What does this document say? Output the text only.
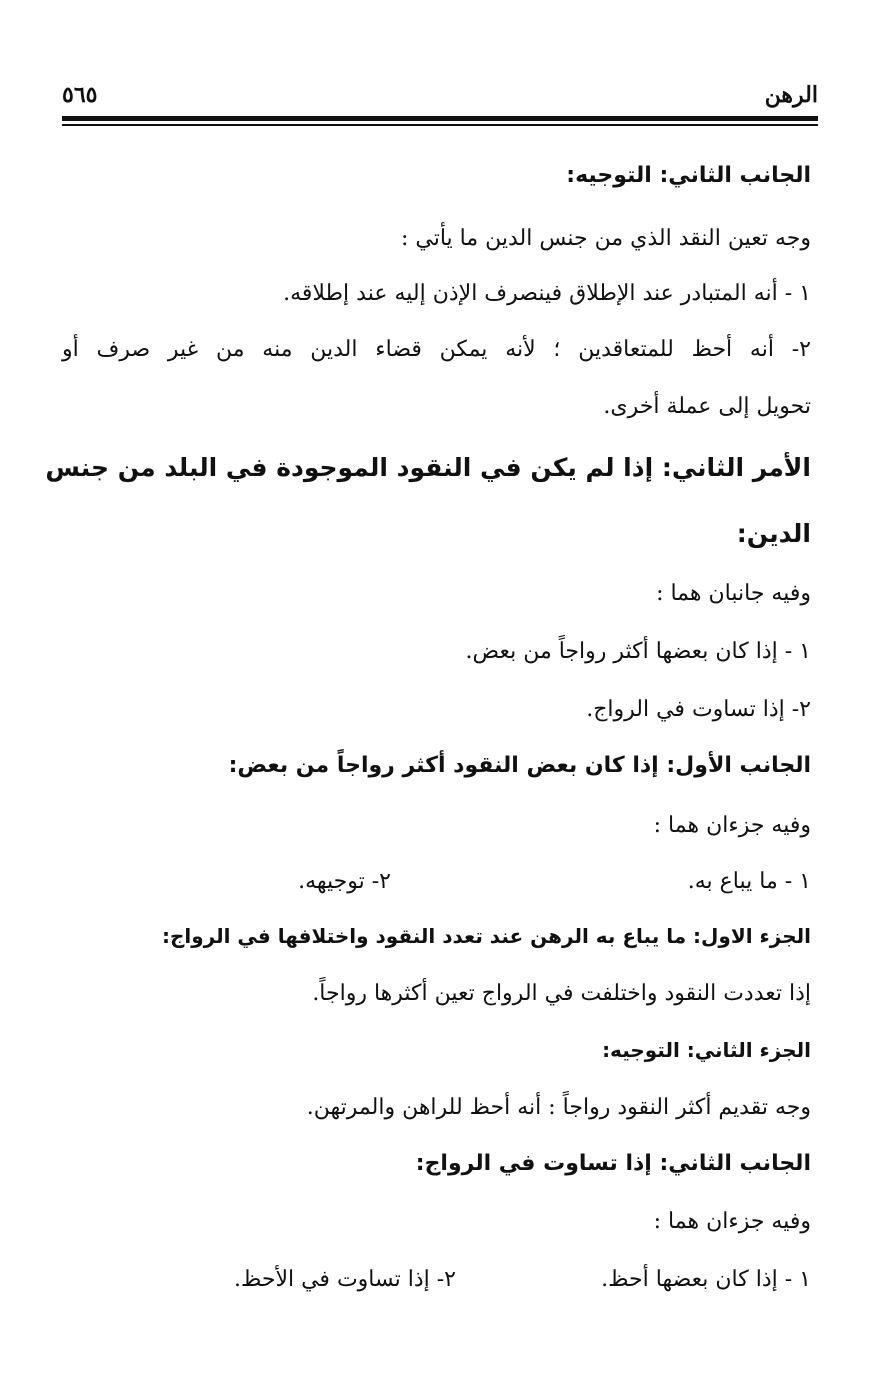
الرهن
٥٦٥
الجانب الثاني: التوجيه:
وجه تعين النقد الذي من جنس الدين ما يأتي :
١ - أنه المتبادر عند الإطلاق فينصرف الإذن إليه عند إطلاقه.
٢- أنه أحظ للمتعاقدين ؛ لأنه يمكن قضاء الدين منه من غير صرف أو
تحويل إلى عملة أخرى.
الأمر الثاني: إذا لم يكن في النقود الموجودة في البلد من جنس
الدين:
وفيه جانبان هما :
١ - إذا كان بعضها أكثر رواجاً من بعض.
٢- إذا تساوت في الرواج.
الجانب الأول: إذا كان بعض النقود أكثر رواجاً من بعض:
وفيه جزءان هما :
١ - ما يباع به.
٢- توجيهه.
الجزء الاول: ما يباع به الرهن عند تعدد النقود واختلافها في الرواج:
إذا تعددت النقود واختلفت في الرواج تعين أكثرها رواجاً.
الجزء الثاني: التوجيه:
وجه تقديم أكثر النقود رواجاً : أنه أحظ للراهن والمرتهن.
الجانب الثاني: إذا تساوت في الرواج:
وفيه جزءان هما :
١ - إذا كان بعضها أحظ.
٢- إذا تساوت في الأحظ.
